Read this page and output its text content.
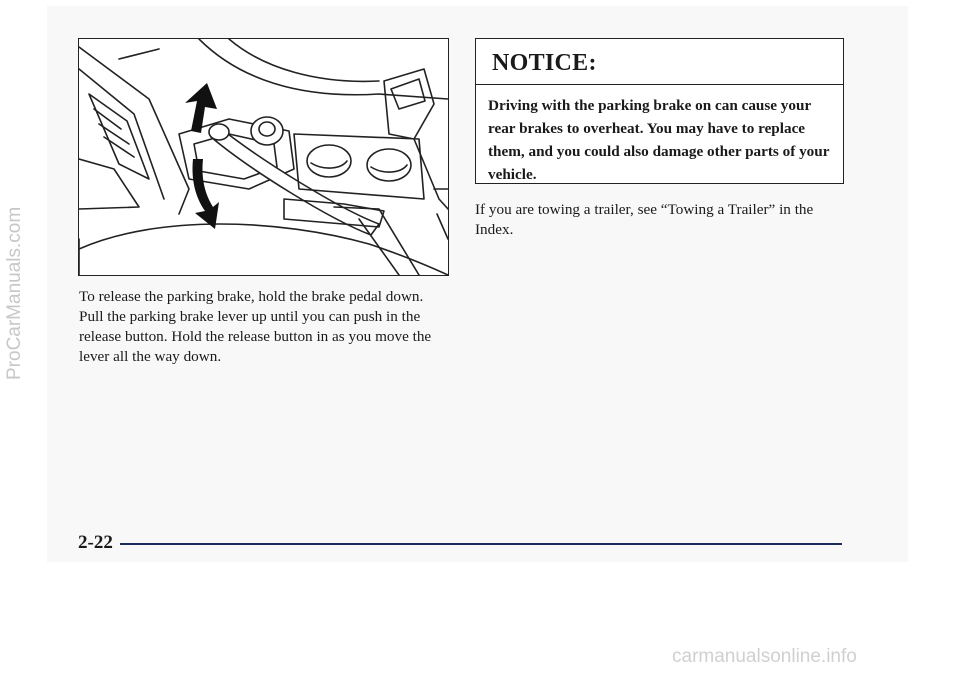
To release the parking brake, hold the brake pedal down. Pull the parking brake lever up until you can push in the release button. Hold the release button in as you move the lever all the way down.

NOTICE:
Driving with the parking brake on can cause your rear brakes to overheat. You may have to replace them, and you could also damage other parts of your vehicle.

If you are towing a trailer, see “Towing a Trailer” in the Index.

2-22
ProCarManuals.com
carmanualsonline.info
